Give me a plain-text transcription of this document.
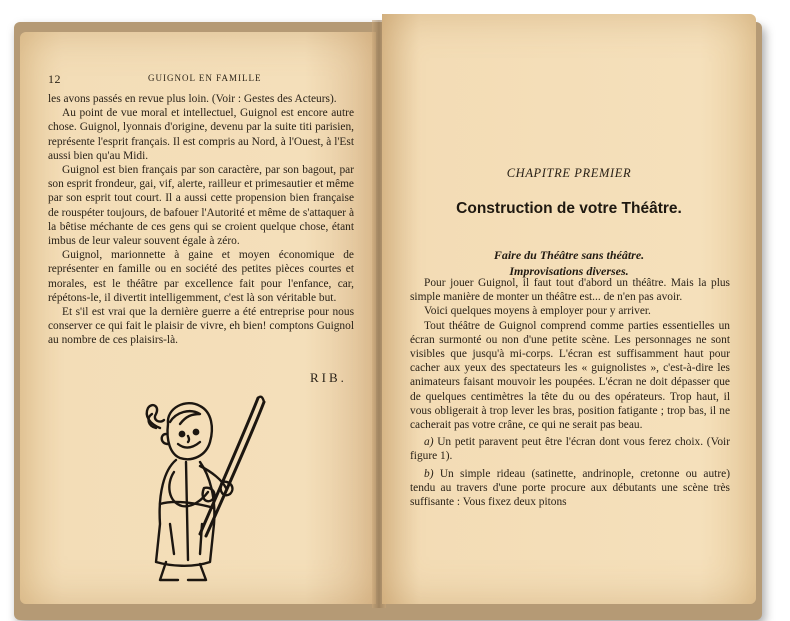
12	GUIGNOL EN FAMILLE

les avons passés en revue plus loin. (Voir : Gestes des Acteurs).

Au point de vue moral et intellectuel, Guignol est encore autre chose. Guignol, lyonnais d'origine, devenu par la suite titi parisien, représente l'esprit français. Il est compris au Nord, à l'Ouest, à l'Est aussi bien qu'au Midi.

Guignol est bien français par son caractère, par son bagout, par son esprit frondeur, gai, vif, alerte, railleur et primesautier et même par son esprit tout court. Il a aussi cette propension bien française de rouspéter toujours, de bafouer l'Autorité et même de s'attaquer à la bêtise méchante de ces gens qui se croient quelque chose, étant imbus de leur valeur souvent égale à zéro.

Guignol, marionnette à gaine et moyen économique de représenter en famille ou en société des petites pièces courtes et morales, est le théâtre par excellence fait pour l'enfance, car, répétons-le, il divertit intelligemment, c'est là son véritable but.

Et s'il est vrai que la dernière guerre a été entreprise pour nous conserver ce qui fait le plaisir de vivre, eh bien! comptons Guignol au nombre de ces plaisirs-là.

RIB.
CHAPITRE PREMIER
Construction de votre Théâtre.
Faire du Théâtre sans théâtre.
Improvisations diverses.

Pour jouer Guignol, il faut tout d'abord un théâtre. Mais la plus simple manière de monter un théâtre est... de n'en pas avoir.

Voici quelques moyens à employer pour y arriver.

Tout théâtre de Guignol comprend comme parties essentielles un écran surmonté ou non d'une petite scène. Les personnages ne sont visibles que jusqu'à mi-corps. L'écran est suffisamment haut pour cacher aux yeux des spectateurs les « guignolistes », c'est-à-dire les animateurs faisant mouvoir les poupées. L'écran ne doit dépasser que de quelques centimètres la tête du ou des opérateurs. Trop haut, il vous obligerait à trop lever les bras, position fatigante ; trop bas, il ne cacherait pas votre crâne, ce qui ne serait pas beau.

a) Un petit paravent peut être l'écran dont vous ferez choix. (Voir figure 1).

b) Un simple rideau (satinette, andrinople, cretonne ou autre) tendu au travers d'une porte procure aux débutants une scène très suffisante : Vous fixez deux pitons
